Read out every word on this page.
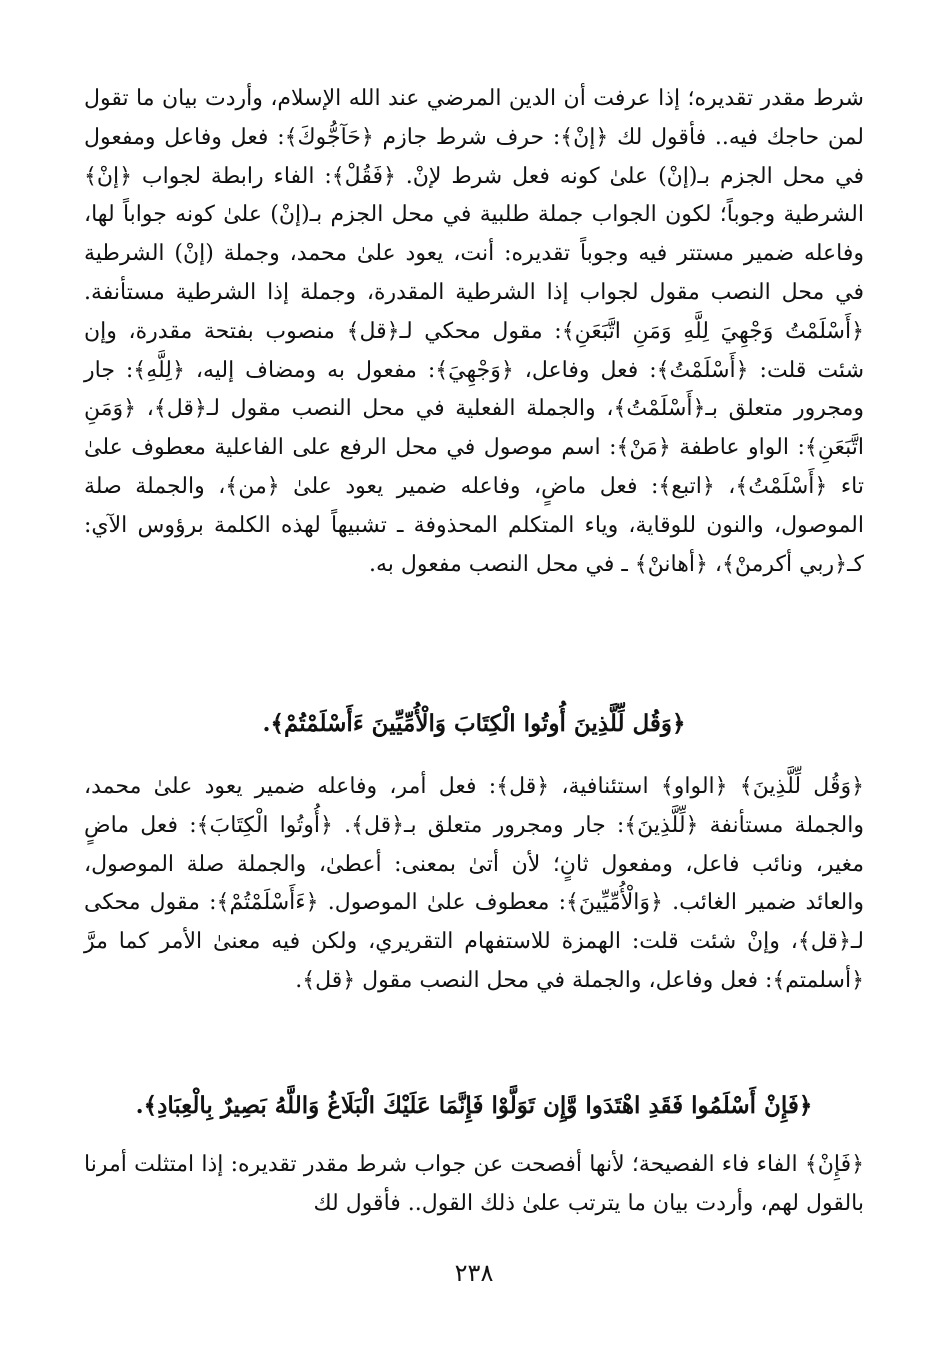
شرط مقدر تقديره؛ إذا عرفت أن الدين المرضي عند الله الإسلام، وأردت بيان ما تقول لمن حاجك فيه.. فأقول لك ﴿إنْ﴾: حرف شرط جازم ﴿حَآجُّوكَ﴾: فعل وفاعل ومفعول في محل الجزم بـ(إنْ) علىٰ كونه فعل شرط لإنْ. ﴿فَقُلْ﴾: الفاء رابطة لجواب ﴿إنْ﴾ الشرطية وجوباً؛ لكون الجواب جملة طلبية في محل الجزم بـ(إنْ) علىٰ كونه جواباً لها، وفاعله ضمير مستتر فيه وجوباً تقديره: أنت، يعود علىٰ محمد، وجملة (إنْ) الشرطية في محل النصب مقول لجواب إذا الشرطية المقدرة، وجملة إذا الشرطية مستأنفة. ﴿أَسْلَمْتُ وَجْهِيَ لِلَّهِ وَمَنِ اتَّبَعَنِ﴾: مقول محكي لـ﴿قل﴾ منصوب بفتحة مقدرة، وإن شئت قلت: ﴿أَسْلَمْتُ﴾: فعل وفاعل، ﴿وَجْهِيَ﴾: مفعول به ومضاف إليه، ﴿لِلَّهِ﴾: جار ومجرور متعلق بـ﴿أَسْلَمْتُ﴾، والجملة الفعلية في محل النصب مقول لـ﴿قل﴾، ﴿وَمَنِ اتَّبَعَنِ﴾: الواو عاطفة ﴿مَنْ﴾: اسم موصول في محل الرفع على الفاعلية معطوف علىٰ تاء ﴿أَسْلَمْتُ﴾، ﴿اتبع﴾: فعل ماضٍ، وفاعله ضمير يعود علىٰ ﴿من﴾، والجملة صلة الموصول، والنون للوقاية، وياء المتكلم المحذوفة ـ تشبيهاً لهذه الكلمة برؤوس الآي: كـ﴿ربي أكرمنْ﴾، ﴿أهاننْ﴾ ـ في محل النصب مفعول به.

﴿وَقُل لِّلَّذِينَ أُوتُوا الْكِتَابَ وَالْأُمِّيِّينَ ءَأَسْلَمْتُمْ﴾.

﴿وَقُل لِّلَّذِينَ﴾ ﴿الواو﴾ استئنافية، ﴿قل﴾: فعل أمر، وفاعله ضمير يعود علىٰ محمد، والجملة مستأنفة ﴿لِّلَّذِينَ﴾: جار ومجرور متعلق بـ﴿قل﴾. ﴿أُوتُوا الْكِتَابَ﴾: فعل ماضٍ مغير، ونائب فاعل، ومفعول ثانٍ؛ لأن أتىٰ بمعنى: أعطىٰ، والجملة صلة الموصول، والعائد ضمير الغائب. ﴿وَالْأُمِّيِّينَ﴾: معطوف علىٰ الموصول. ﴿ءَأَسْلَمْتُمْ﴾: مقول محكى لـ﴿قل﴾، وإنْ شئت قلت: الهمزة للاستفهام التقريري، ولكن فيه معنىٰ الأمر كما مرَّ ﴿أسلمتم﴾: فعل وفاعل، والجملة في محل النصب مقول ﴿قل﴾.

﴿فَإِنْ أَسْلَمُوا فَقَدِ اهْتَدَوا وَّإِن تَوَلَّوْا فَإِنَّمَا عَلَيْكَ الْبَلَاغُ وَاللَّهُ بَصِيرٌ بِالْعِبَادِ﴾.

﴿فَإِنْ﴾ الفاء فاء الفصيحة؛ لأنها أفصحت عن جواب شرط مقدر تقديره: إذا امتثلت أمرنا بالقول لهم، وأردت بيان ما يترتب علىٰ ذلك القول.. فأقول لك

٢٣٨
